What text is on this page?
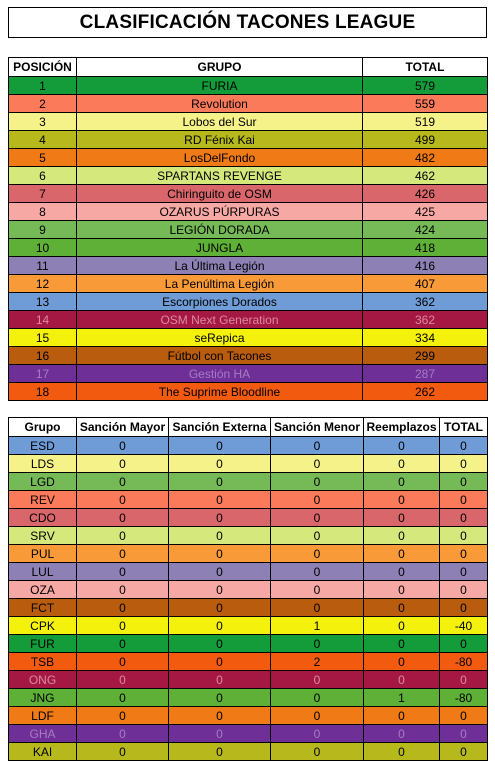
CLASIFICACIÓN TACONES LEAGUE
POSICIÓN	GRUPO	TOTAL
1	FURIA	579
2	Revolution	559
3	Lobos del Sur	519
4	RD Fénix Kai	499
5	LosDelFondo	482
6	SPARTANS REVENGE	462
7	Chiringuito de OSM	426
8	OZARUS PÚRPURAS	425
9	LEGIÓN DORADA	424
10	JUNGLA	418
11	La Última Legión	416
12	La Penúltima Legión	407
13	Escorpiones Dorados	362
14	OSM Next Generation	362
15	seRepica	334
16	Fútbol con Tacones	299
17	Gestión HA	287
18	The Suprime Bloodline	262
Grupo	Sanción Mayor	Sanción Externa	Sanción Menor	Reemplazos	TOTAL
ESD	0	0	0	0	0
LDS	0	0	0	0	0
LGD	0	0	0	0	0
REV	0	0	0	0	0
CDO	0	0	0	0	0
SRV	0	0	0	0	0
PUL	0	0	0	0	0
LUL	0	0	0	0	0
OZA	0	0	0	0	0
FCT	0	0	0	0	0
CPK	0	0	1	0	-40
FUR	0	0	0	0	0
TSB	0	0	2	0	-80
ONG	0	0	0	0	0
JNG	0	0	0	1	-80
LDF	0	0	0	0	0
GHA	0	0	0	0	0
KAI	0	0	0	0	0
